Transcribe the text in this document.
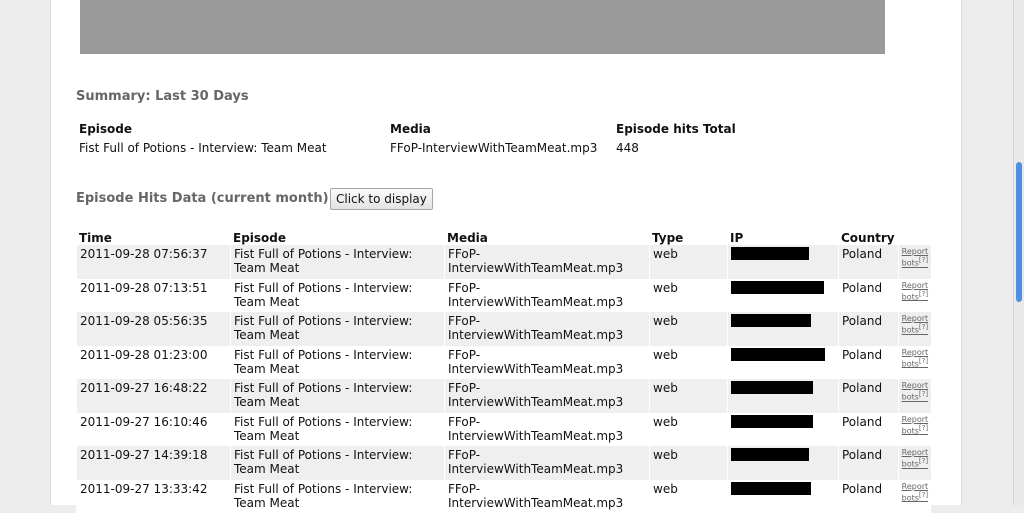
Summary: Last 30 Days
Episode	Media	Episode hits Total
Fist Full of Potions - Interview: Team Meat	FFoP-InterviewWithTeamMeat.mp3 448
Episode Hits Data (current month) Click to display
Time	Episode	Media	Type	IP	Country	
2011-09-28 07:56:37	Fist Full of Potions - Interview: Team Meat	FFoP-InterviewWithTeamMeat.mp3	web		Poland	Report bots[?]

2011-09-28 07:13:51	Fist Full of Potions - Interview: Team Meat	FFoP-InterviewWithTeamMeat.mp3	web		Poland	Report bots[?]

2011-09-28 05:56:35	Fist Full of Potions - Interview: Team Meat	FFoP-InterviewWithTeamMeat.mp3	web		Poland	Report bots[?]

2011-09-28 01:23:00	Fist Full of Potions - Interview: Team Meat	FFoP-InterviewWithTeamMeat.mp3	web		Poland	Report bots[?]

2011-09-27 16:48:22	Fist Full of Potions - Interview: Team Meat	FFoP-InterviewWithTeamMeat.mp3	web		Poland	Report bots[?]

2011-09-27 16:10:46	Fist Full of Potions - Interview: Team Meat	FFoP-InterviewWithTeamMeat.mp3	web		Poland	Report bots[?]

2011-09-27 14:39:18	Fist Full of Potions - Interview: Team Meat	FFoP-InterviewWithTeamMeat.mp3	web		Poland	Report bots[?]

2011-09-27 13:33:42	Fist Full of Potions - Interview: Team Meat	FFoP-InterviewWithTeamMeat.mp3	web		Poland	Report bots[?]
